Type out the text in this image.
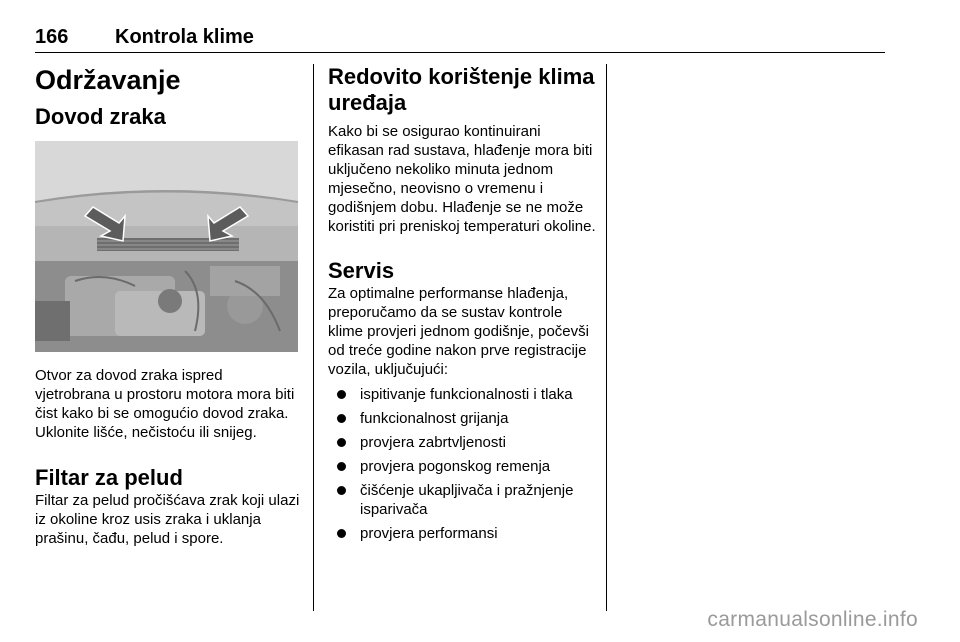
166 Kontrola klime
Održavanje
Dovod zraka

Otvor za dovod zraka ispred vjetrobrana u prostoru motora mora biti čist kako bi se omogućio dovod zraka. Uklonite lišće, nečistoću ili snijeg.

Filtar za pelud

Filtar za pelud pročišćava zrak koji ulazi iz okoline kroz usis zraka i uklanja prašinu, čađu, pelud i spore.

Redovito korištenje klima uređaja

Kako bi se osigurao kontinuirani efikasan rad sustava, hlađenje mora biti uključeno nekoliko minuta jednom mjesečno, neovisno o vremenu i godišnjem dobu. Hlađenje se ne može koristiti pri preniskoj temperaturi okoline.

Servis

Za optimalne performanse hlađenja, preporučamo da se sustav kontrole klime provjeri jednom godišnje, počevši od treće godine nakon prve registracije vozila, uključujući:

ispitivanje funkcionalnosti i tlaka
funkcionalnost grijanja
provjera zabrtvljenosti
provjera pogonskog remenja
čišćenje ukapljivača i pražnjenje isparivača
provjera performansi
carmanualsonline.info
